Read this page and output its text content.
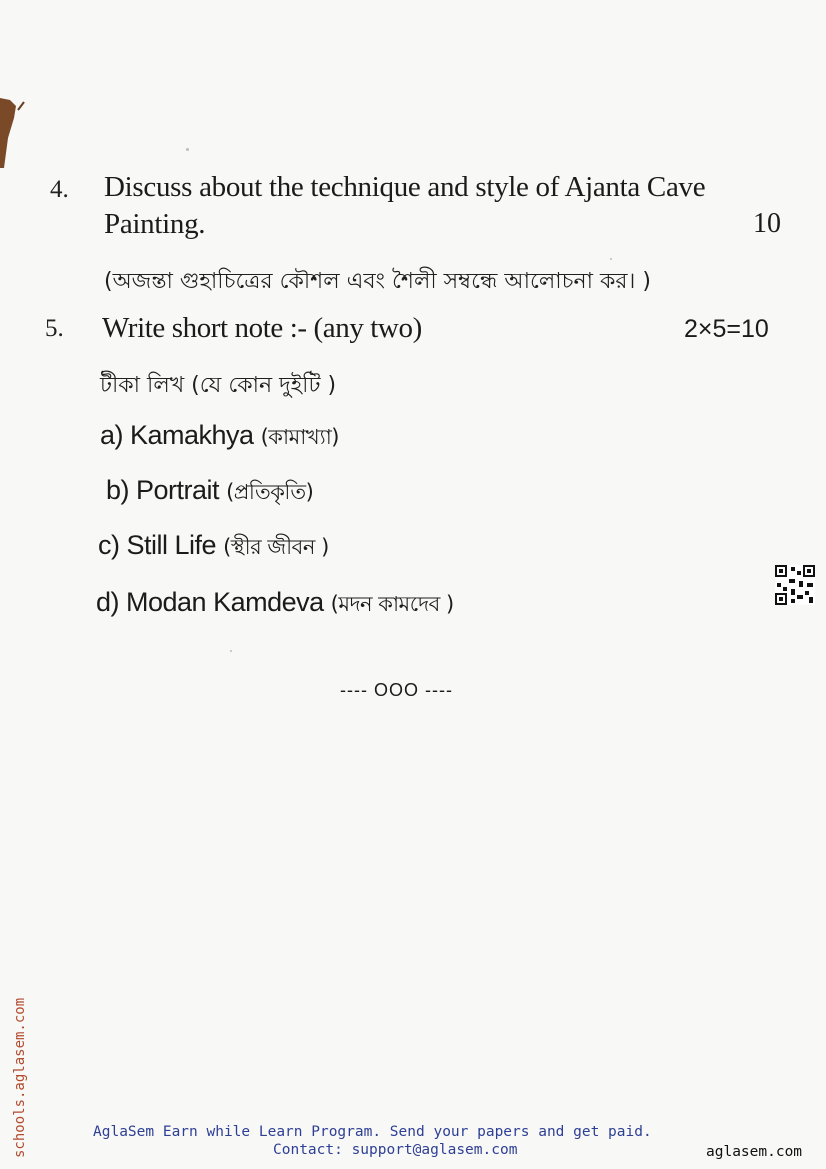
4. Discuss about the technique and style of Ajanta Cave
Painting.	10
(অজন্তা গুহাচিত্রের কৌশল এবং শৈলী সম্বন্ধে আলোচনা কর। )
5. Write short note :- (any two)	2×5=10
টীকা লিখ (যে কোন দুইটি )
a) Kamakhya (কামাখ্যা)
b) Portrait (প্রতিকৃতি)
c) Still Life (স্থীর জীবন )
d) Modan Kamdeva (মদন কামদেব )
---- OOO ----
schools.aglasem.com	AglaSem Earn while Learn Program. Send your papers and get paid.
Contact: support@aglasem.com	aglasem.com
